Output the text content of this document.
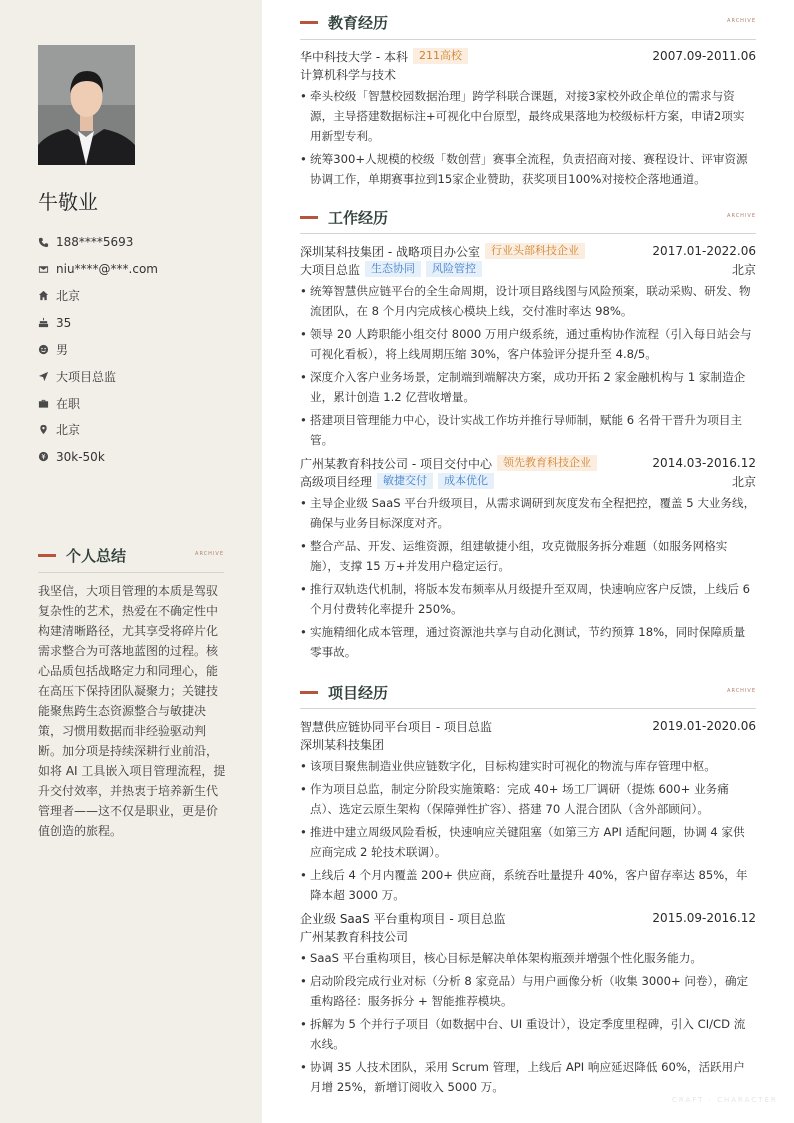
牛敬业
188****5693
niu****@***.com
北京
35
男
大项目总监
在职
北京
30k-50k
个人总结	ARCHIVE
我坚信，大项目管理的本质是驾驭复杂性的艺术，热爱在不确定性中构建清晰路径，尤其享受将碎片化需求整合为可落地蓝图的过程。核心品质包括战略定力和同理心，能在高压下保持团队凝聚力；关键技能聚焦跨生态资源整合与敏捷决策，习惯用数据而非经验驱动判断。加分项是持续深耕行业前沿，如将 AI 工具嵌入项目管理流程，提升交付效率，并热衷于培养新生代管理者——这不仅是职业，更是价值创造的旅程。
教育经历	ARCHIVE
华中科技大学 - 本科	211高校	2007.09-2011.06
计算机科学与技术
• 牵头校级「智慧校园数据治理」跨学科联合课题，对接3家校外政企单位的需求与资源，主导搭建数据标注+可视化中台原型，最终成果落地为校级标杆方案，申请2项实用新型专利。
• 统筹300+人规模的校级「数创营」赛事全流程，负责招商对接、赛程设计、评审资源协调工作，单期赛事拉到15家企业赞助，获奖项目100%对接校企落地通道。
工作经历	ARCHIVE
深圳某科技集团 - 战略项目办公室	行业头部科技企业	2017.01-2022.06
大项目总监	生态协同	风险管控	北京
• 统筹智慧供应链平台的全生命周期，设计项目路线图与风险预案，联动采购、研发、物流团队，在 8 个月内完成核心模块上线，交付准时率达 98%。
• 领导 20 人跨职能小组交付 8000 万用户级系统，通过重构协作流程（引入每日站会与可视化看板），将上线周期压缩 30%，客户体验评分提升至 4.8/5。
• 深度介入客户业务场景，定制端到端解决方案，成功开拓 2 家金融机构与 1 家制造企业，累计创造 1.2 亿营收增量。
• 搭建项目管理能力中心，设计实战工作坊并推行导师制，赋能 6 名骨干晋升为项目主管。
广州某教育科技公司 - 项目交付中心	领先教育科技企业	2014.03-2016.12
高级项目经理	敏捷交付	成本优化	北京
• 主导企业级 SaaS 平台升级项目，从需求调研到灰度发布全程把控，覆盖 5 大业务线，确保与业务目标深度对齐。
• 整合产品、开发、运维资源，组建敏捷小组，攻克微服务拆分难题（如服务网格实施），支撑 15 万+并发用户稳定运行。
• 推行双轨迭代机制，将版本发布频率从月级提升至双周，快速响应客户反馈，上线后 6 个月付费转化率提升 250%。
• 实施精细化成本管理，通过资源池共享与自动化测试，节约预算 18%，同时保障质量零事故。
项目经历	ARCHIVE
智慧供应链协同平台项目 - 项目总监	2019.01-2020.06
深圳某科技集团
• 该项目聚焦制造业供应链数字化，目标构建实时可视化的物流与库存管理中枢。
• 作为项目总监，制定分阶段实施策略：完成 40+ 场工厂调研（提炼 600+ 业务痛点）、选定云原生架构（保障弹性扩容）、搭建 70 人混合团队（含外部顾问）。
• 推进中建立周级风险看板，快速响应关键阻塞（如第三方 API 适配问题，协调 4 家供应商完成 2 轮技术联调）。
• 上线后 4 个月内覆盖 200+ 供应商，系统吞吐量提升 40%，客户留存率达 85%，年降本超 3000 万。
企业级 SaaS 平台重构项目 - 项目总监	2015.09-2016.12
广州某教育科技公司
• SaaS 平台重构项目，核心目标是解决单体架构瓶颈并增强个性化服务能力。
• 启动阶段完成行业对标（分析 8 家竞品）与用户画像分析（收集 3000+ 问卷），确定重构路径：服务拆分 + 智能推荐模块。
• 拆解为 5 个并行子项目（如数据中台、UI 重设计），设定季度里程碑，引入 CI/CD 流水线。
• 协调 35 人技术团队，采用 Scrum 管理，上线后 API 响应延迟降低 60%，活跃用户月增 25%，新增订阅收入 5000 万。
CRAFT · CHARACTER
